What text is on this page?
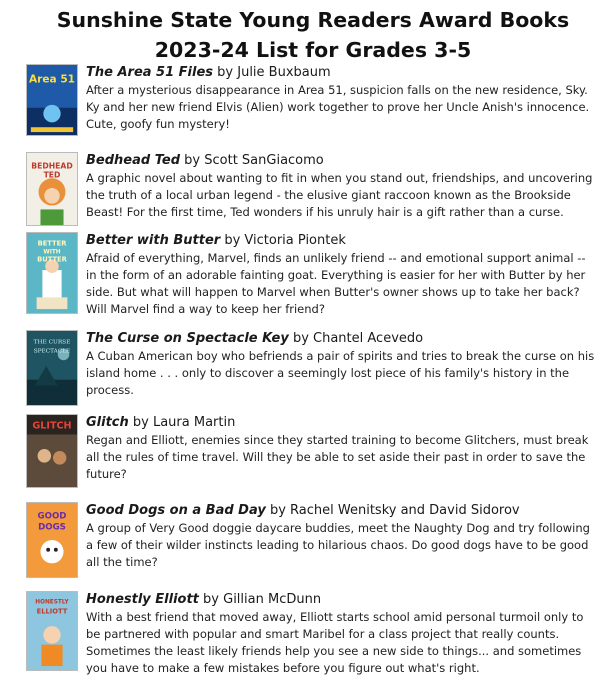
Sunshine State Young Readers Award Books
2023-24 List for Grades 3-5
Area 51 The Area 51 Files by Julie Buxbaum
After a mysterious disappearance in Area 51, suspicion falls on the new residence, Sky. Ky and her new friend Elvis (Alien) work together to prove her Uncle Anish's innocence. Cute, goofy fun mystery!
BEDHEAD
TED
Bedhead Ted by Scott SanGiacomo
A graphic novel about wanting to fit in when you stand out, friendships, and uncovering the truth of a local urban legend - the elusive giant raccoon known as the Brookside Beast! For the first time, Ted wonders if his unruly hair is a gift rather than a curse.
BETTER
WITH
BUTTER
Better with Butter by Victoria Piontek
Afraid of everything, Marvel, finds an unlikely friend -- and emotional support animal -- in the form of an adorable fainting goat. Everything is easier for her with Butter by her side. But what will happen to Marvel when Butter's owner shows up to take her back? Will Marvel find a way to keep her friend?
THE CURSE
SPECTACLE
The Curse on Spectacle Key by Chantel Acevedo
A Cuban American boy who befriends a pair of spirits and tries to break the curse on his island home . . . only to discover a seemingly lost piece of his family's history in the process.
GLITCH Glitch by Laura Martin
Regan and Elliott, enemies since they started training to become Glitchers, must break all the rules of time travel. Will they be able to set aside their past in order to save the future?
GOOD
DOGS
Good Dogs on a Bad Day by Rachel Wenitsky and David Sidorov
A group of Very Good doggie daycare buddies, meet the Naughty Dog and try following a few of their wilder instincts leading to hilarious chaos. Do good dogs have to be good all the time?
HONESTLY
ELLIOTT
Honestly Elliott by Gillian McDunn
With a best friend that moved away, Elliott starts school amid personal turmoil only to be partnered with popular and smart Maribel for a class project that really counts. Sometimes the least likely friends help you see a new side to things... and sometimes you have to make a few mistakes before you figure out what's right.
